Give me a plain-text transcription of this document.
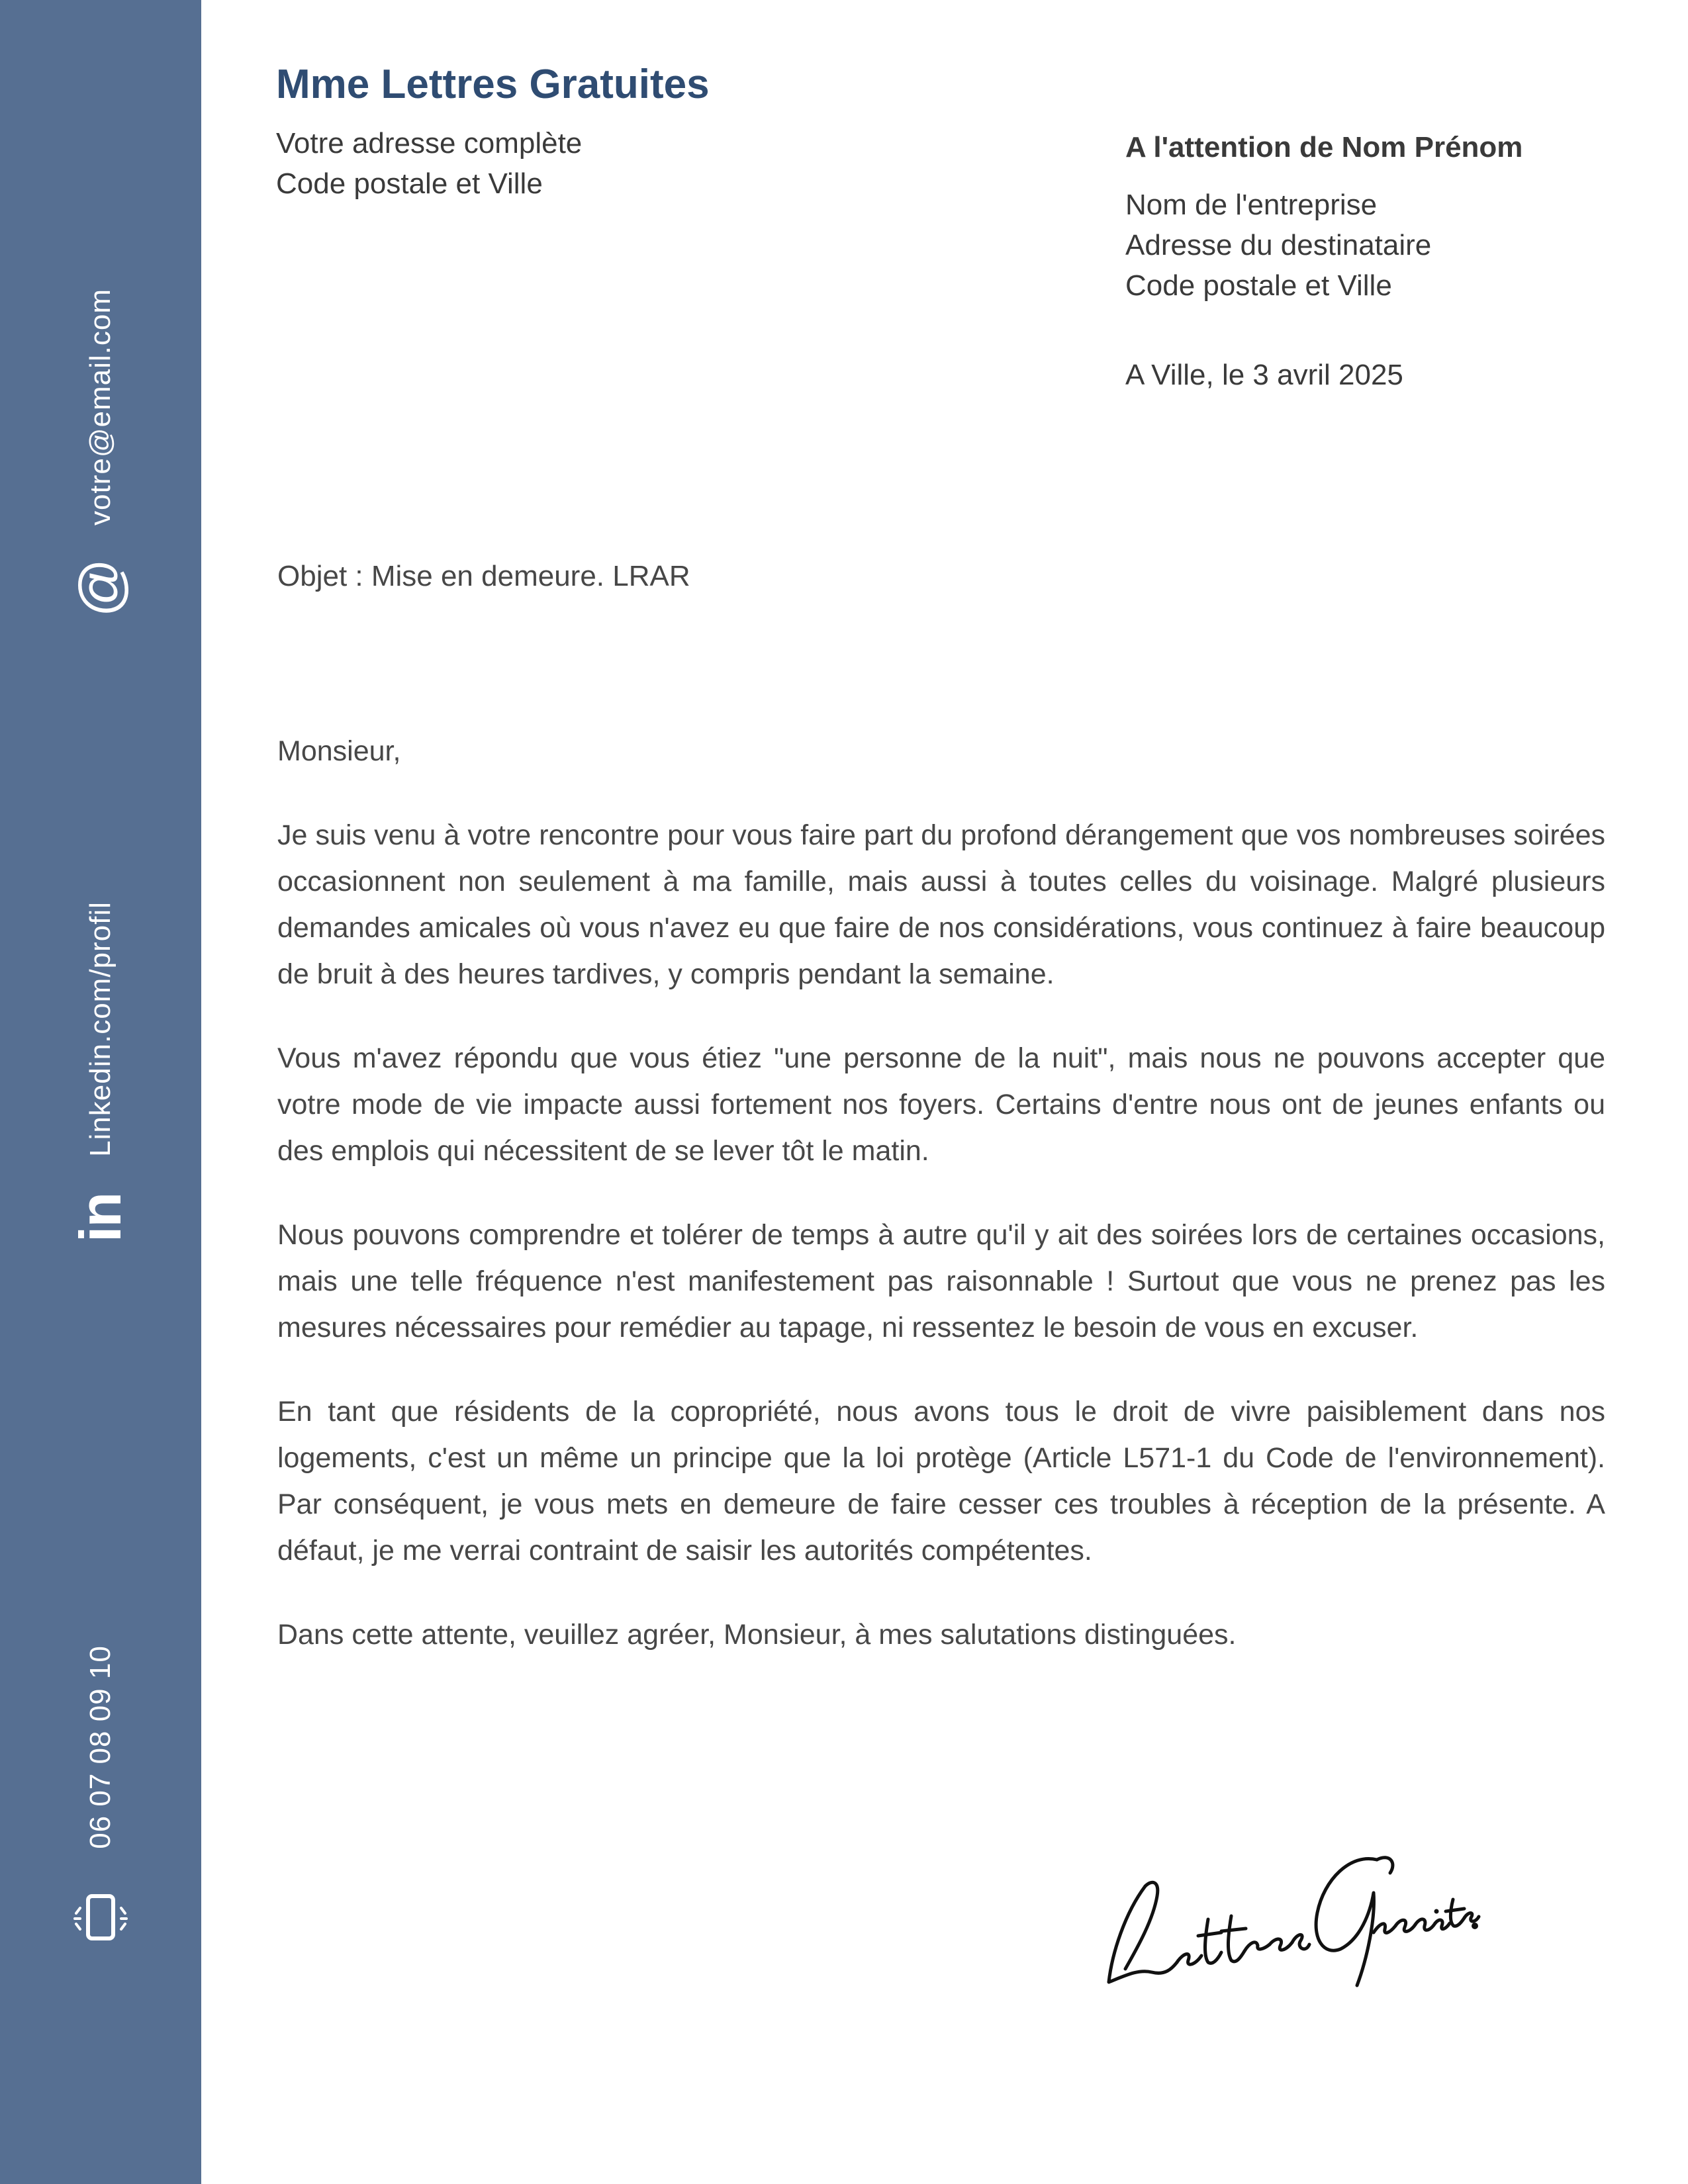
votre@email.com
@
Linkedin.com/profil
in
06 07 08 09 10
Mme Lettres Gratuites
Votre adresse complète
Code postale et Ville
A l'attention de Nom Prénom
Nom de l'entreprise
Adresse du destinataire
Code postale et Ville
A Ville, le 3 avril 2025
Objet : Mise en demeure. LRAR

Monsieur,

Je suis venu à votre rencontre pour vous faire part du profond dérangement que vos nombreuses soirées occasionnent non seulement à ma famille, mais aussi à toutes celles du voisinage. Malgré plusieurs demandes amicales où vous n'avez eu que faire de nos considérations, vous continuez à faire beaucoup de bruit à des heures tardives, y compris pendant la semaine.

Vous m'avez répondu que vous étiez "une personne de la nuit", mais nous ne pouvons accepter que votre mode de vie impacte aussi fortement nos foyers. Certains d'entre nous ont de jeunes enfants ou des emplois qui nécessitent de se lever tôt le matin.

Nous pouvons comprendre et tolérer de temps à autre qu'il y ait des soirées lors de certaines occasions, mais une telle fréquence n'est manifestement pas raisonnable ! Surtout que vous ne prenez pas les mesures nécessaires pour remédier au tapage, ni ressentez le besoin de vous en excuser.

En tant que résidents de la copropriété, nous avons tous le droit de vivre paisiblement dans nos logements, c'est un même un principe que la loi protège (Article L571-1 du Code de l'environnement). Par conséquent, je vous mets en demeure de faire cesser ces troubles à réception de la présente. A défaut, je me verrai contraint de saisir les autorités compétentes.

Dans cette attente, veuillez agréer, Monsieur, à mes salutations distinguées.
